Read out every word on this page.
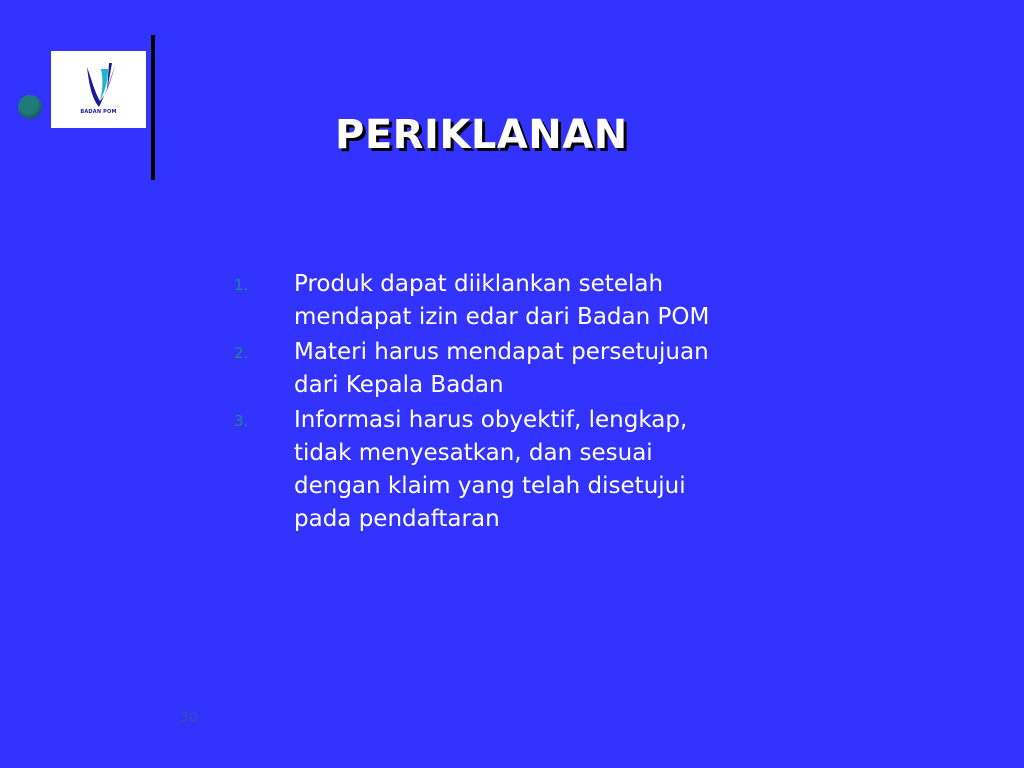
BADAN POM	PERIKLANAN
1. Produk dapat diiklankan setelah
mendapat izin edar dari Badan POM
2. Materi harus mendapat persetujuan
dari Kepala Badan
3. Informasi harus obyektif, lengkap,
tidak menyesatkan, dan sesuai
dengan klaim yang telah disetujui
pada pendaftaran
30
